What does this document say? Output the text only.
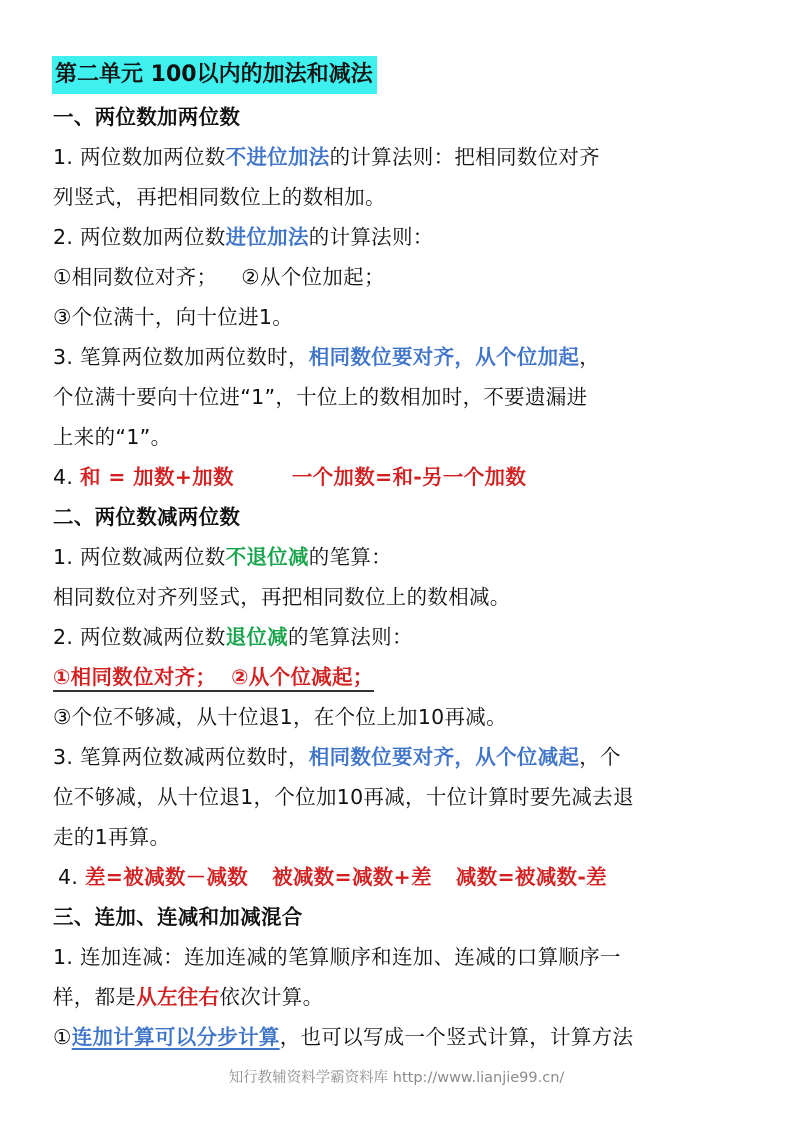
第二单元 100以内的加法和减法
一、两位数加两位数
1. 两位数加两位数不进位加法的计算法则：把相同数位对齐
列竖式，再把相同数位上的数相加。
2. 两位数加两位数进位加法的计算法则：
①相同数位对齐； ②从个位加起；
③个位满十，向十位进1。
3. 笔算两位数加两位数时，相同数位要对齐，从个位加起，
个位满十要向十位进“1”，十位上的数相加时，不要遗漏进
上来的“1”。
4. 和 = 加数+加数	一个加数=和-另一个加数
二、两位数减两位数
1. 两位数减两位数不退位减的笔算：
相同数位对齐列竖式，再把相同数位上的数相减。
2. 两位数减两位数退位减的笔算法则：
①相同数位对齐；  ②从个位减起；
③个位不够减，从十位退1，在个位上加10再减。
3. 笔算两位数减两位数时，相同数位要对齐，从个位减起，个
位不够减，从十位退1，个位加10再减，十位计算时要先减去退
走的1再算。
4. 差=被减数－减数 被减数=减数+差 减数=被减数-差
三、连加、连减和加减混合
1. 连加连减：连加连减的笔算顺序和连加、连减的口算顺序一
样，都是从左往右依次计算。
①连加计算可以分步计算，也可以写成一个竖式计算，计算方法
知行教辅资料学霸资料库 http://www.lianjie99.cn/
